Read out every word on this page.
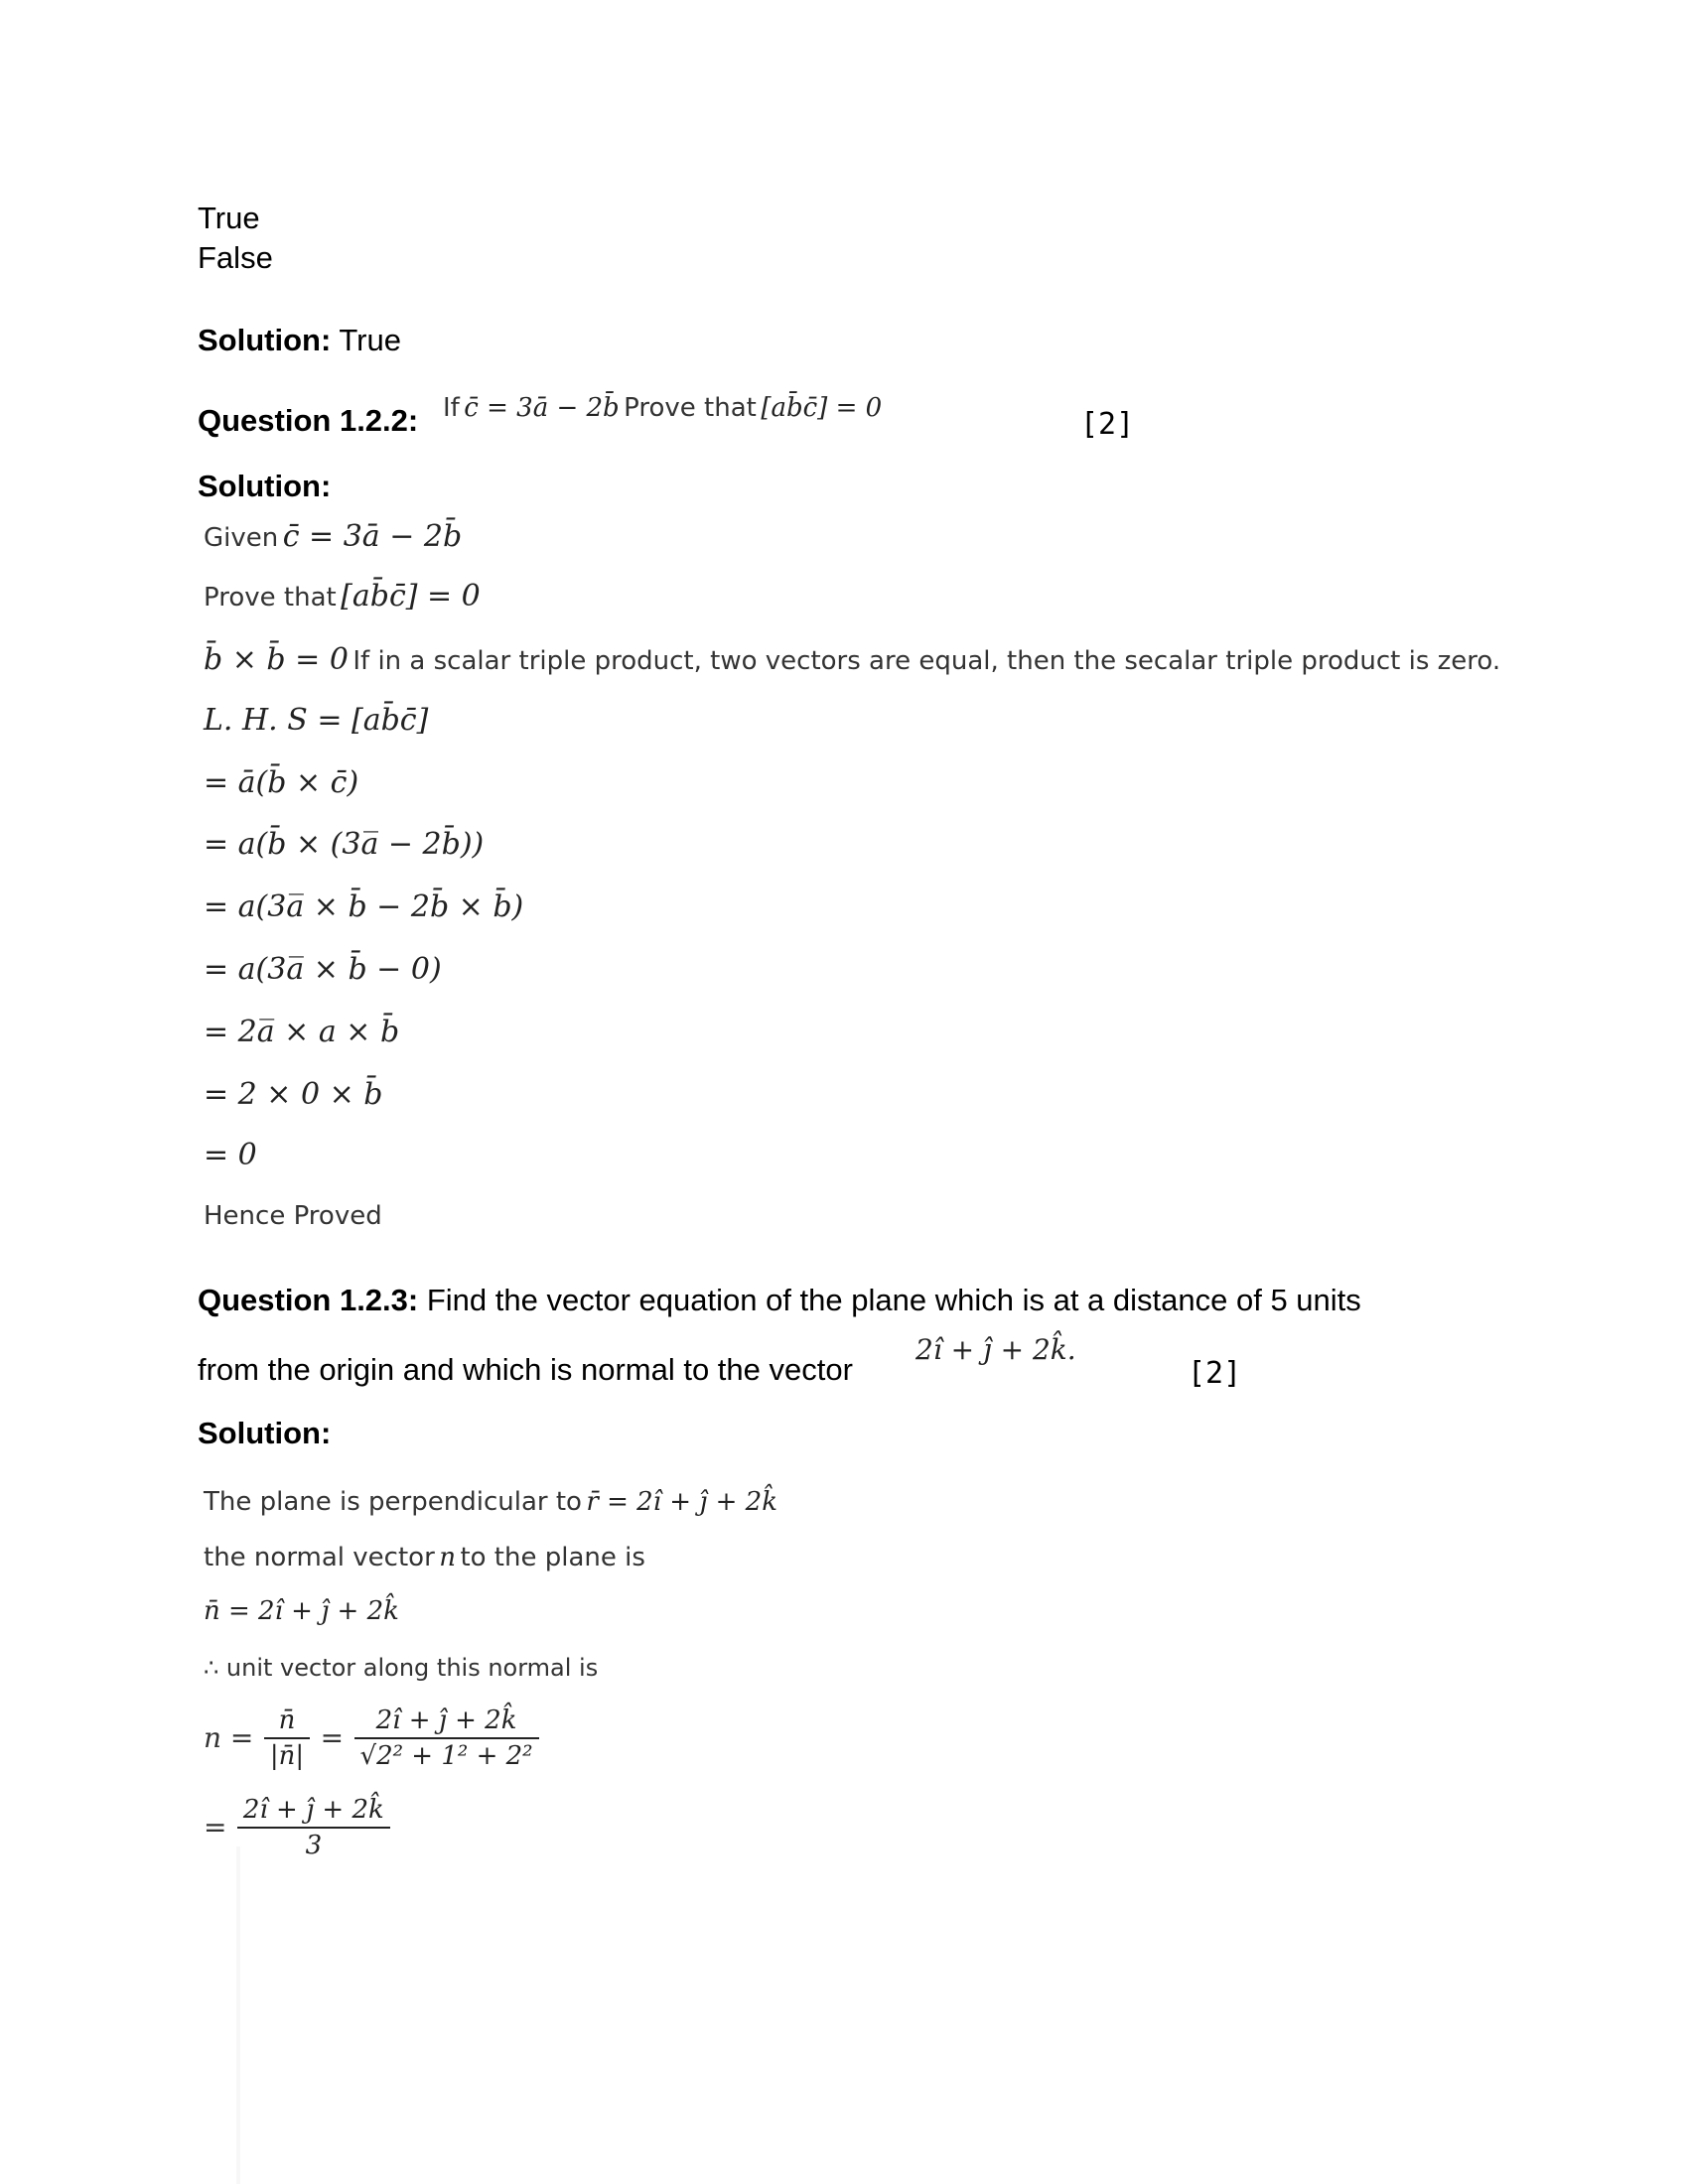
True
False
Solution: True
Question 1.2.2: If c̄ = 3ā − 2b̄ Prove that [ab̄c̄] = 0	[2]
Solution:
Given c̄ = 3ā − 2b̄
Prove that [ab̄c̄] = 0
b̄ × b̄ = 0 If in a scalar triple product, two vectors are equal, then the secalar triple product is zero.
L. H. S = [ab̄c̄]
= ā(b̄ × c̄)
= a(b̄ × (3a̅ − 2b̄))
= a(3a̅ × b̄ − 2b̄ × b̄)
= a(3a̅ × b̄ − 0)
= 2a̅ × a × b̄
= 2 × 0 × b̄
= 0
Hence Proved
Question 1.2.3: Find the vector equation of the plane which is at a distance of 5 units
from the origin and which is normal to the vector
2î + ĵ + 2k̂.
[2]
Solution:
The plane is perpendicular to r̄ = 2î + ĵ + 2k̂
the normal vector n to the plane is
n̄ = 2î + ĵ + 2k̂
∴ unit vector along this normal is
$n = \frac{n̄}{|n̄|} = \frac{2î + ĵ + 2k̂}{\text{√2² + 1² + 2²}}$
= $\frac{2î + ĵ + 2k̂}{3}$
